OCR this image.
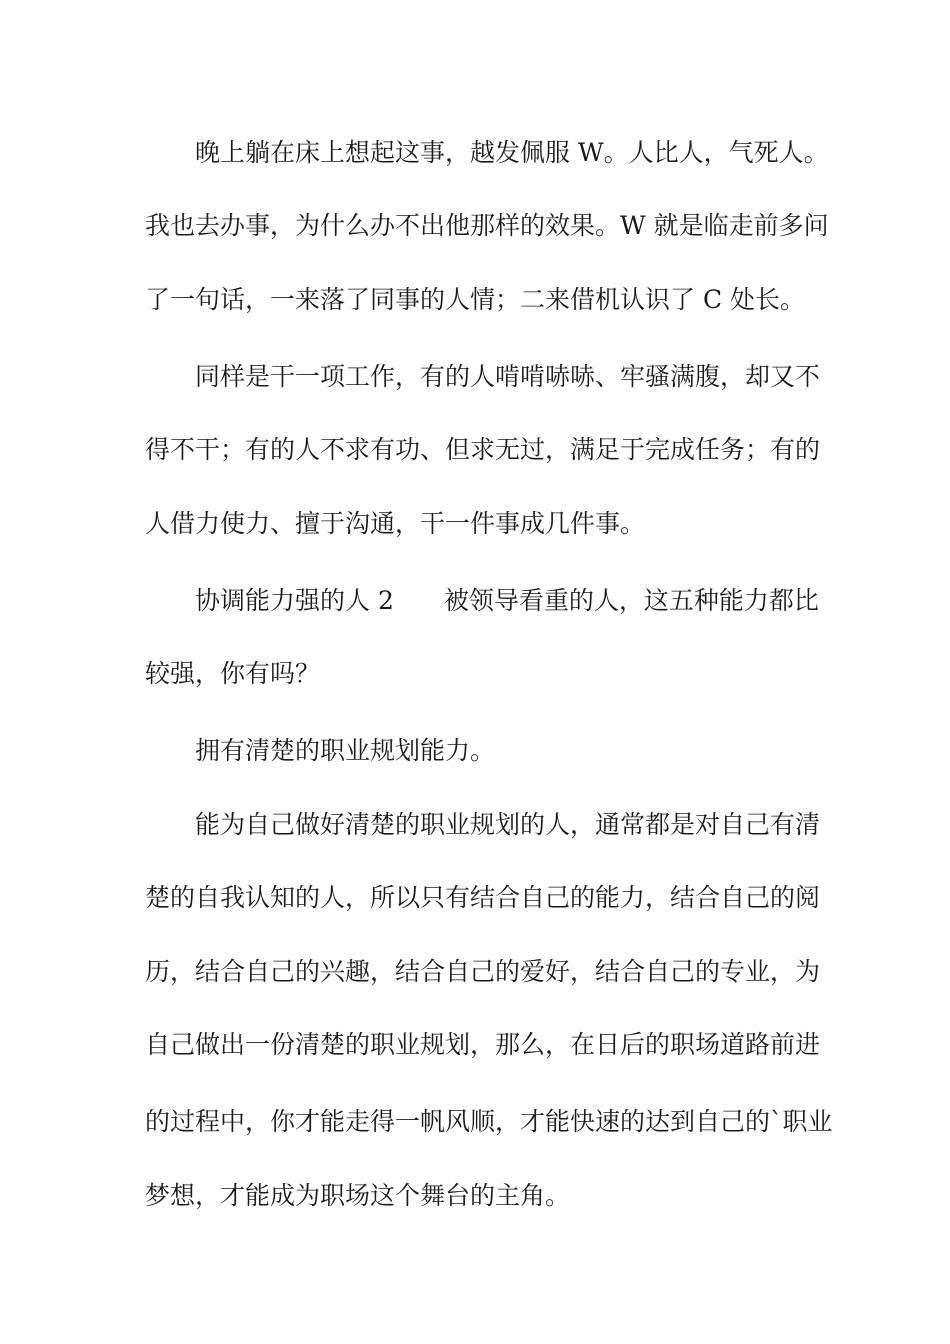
晚上躺在床上想起这事，越发佩服 W。人比人，气死人。
我也去办事，为什么办不出他那样的效果。W 就是临走前多问
了一句话，一来落了同事的人情；二来借机认识了 C 处长。
同样是干一项工作，有的人啃啃哧哧、牢骚满腹，却又不
得不干；有的人不求有功、但求无过，满足于完成任务；有的
人借力使力、擅于沟通，干一件事成几件事。
协调能力强的人 2　　被领导看重的人，这五种能力都比
较强，你有吗？
拥有清楚的职业规划能力。
能为自己做好清楚的职业规划的人，通常都是对自己有清
楚的自我认知的人，所以只有结合自己的能力，结合自己的阅
历，结合自己的兴趣，结合自己的爱好，结合自己的专业，为
自己做出一份清楚的职业规划，那么，在日后的职场道路前进
的过程中，你才能走得一帆风顺，才能快速的达到自己的`职业
梦想，才能成为职场这个舞台的主角。
